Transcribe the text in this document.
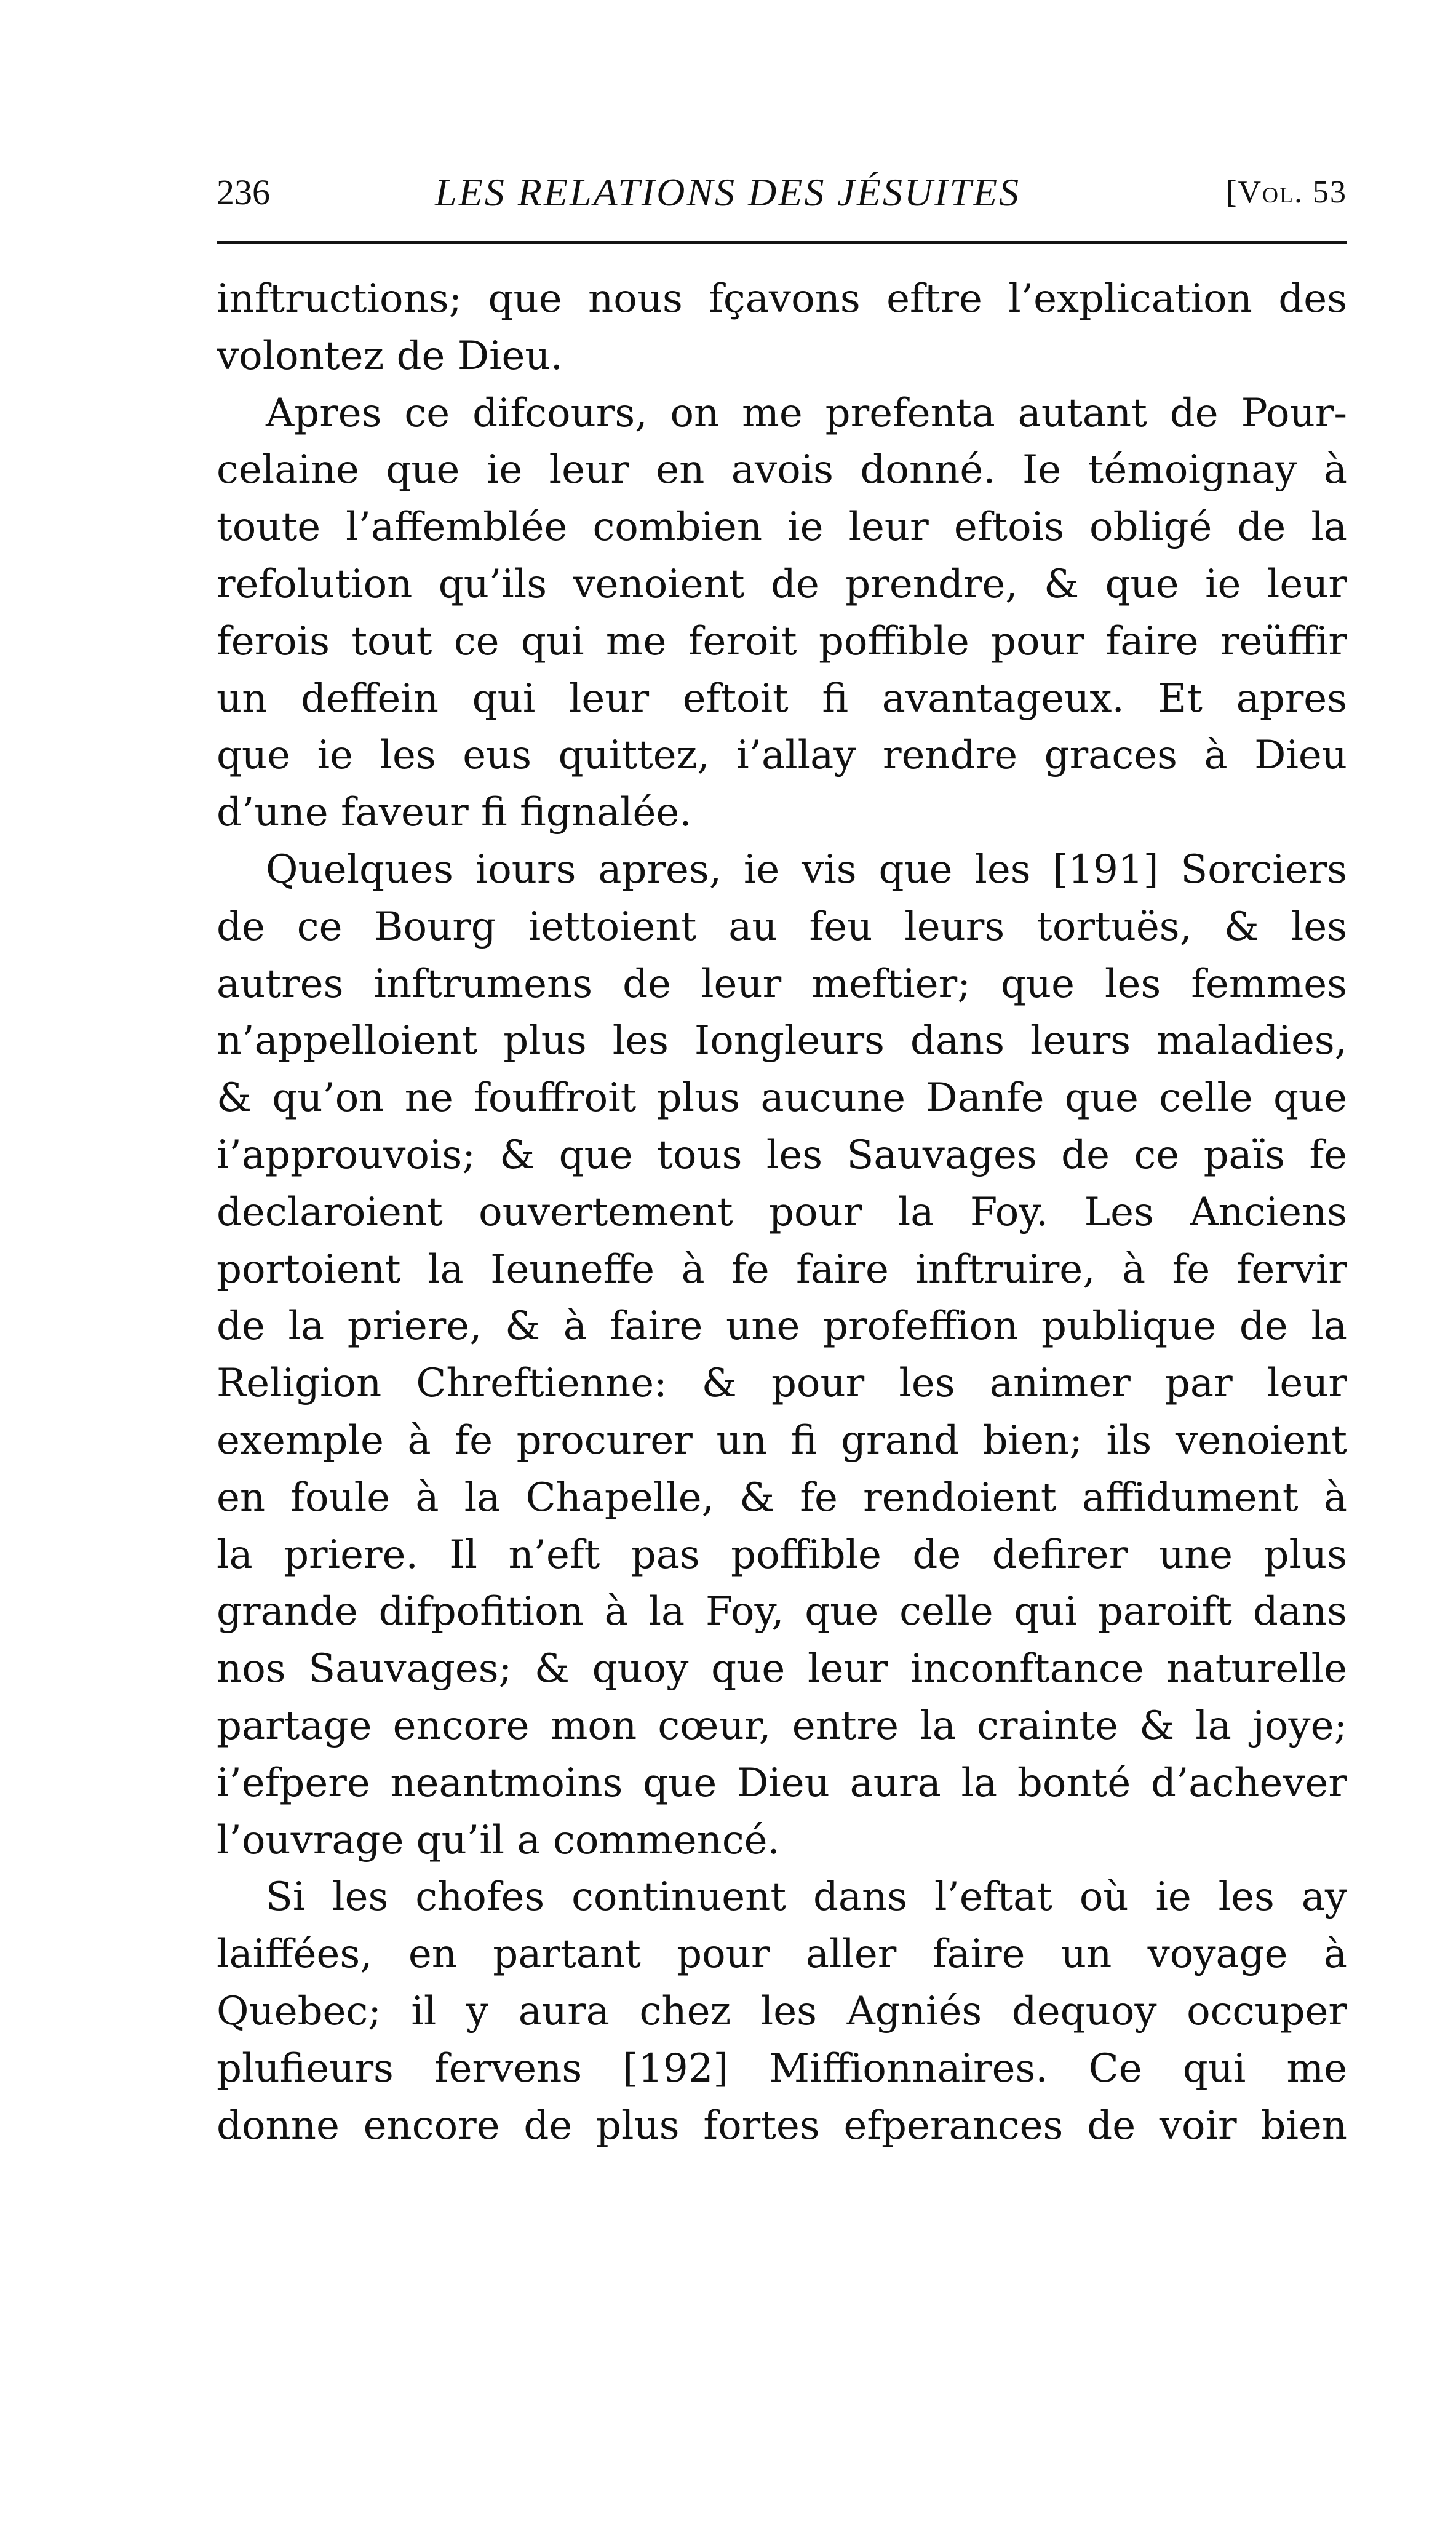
236	LES RELATIONS DES JÉSUITES	[Vol. 53
inftructions; que nous fçavons eftre l’explication des
volontez de Dieu.
Apres ce difcours, on me prefenta autant de Pour-
celaine que ie leur en avois donné. Ie témoignay à
toute l’affemblée combien ie leur eftois obligé de la
refolution qu’ils venoient de prendre, & que ie leur
ferois tout ce qui me feroit poffible pour faire reüffir
un deffein qui leur eftoit fi avantageux. Et apres
que ie les eus quittez, i’allay rendre graces à Dieu
d’une faveur fi fignalée.
Quelques iours apres, ie vis que les [191] Sorciers
de ce Bourg iettoient au feu leurs tortuës, & les
autres inftrumens de leur meftier; que les femmes
n’appelloient plus les Iongleurs dans leurs maladies,
& qu’on ne fouffroit plus aucune Danfe que celle que
i’approuvois; & que tous les Sauvages de ce païs fe
declaroient ouvertement pour la Foy. Les Anciens
portoient la Ieuneffe à fe faire inftruire, à fe fervir
de la priere, & à faire une profeffion publique de la
Religion Chreftienne: & pour les animer par leur
exemple à fe procurer un fi grand bien; ils venoient
en foule à la Chapelle, & fe rendoient affidument à
la priere. Il n’eft pas poffible de defirer une plus
grande difpofition à la Foy, que celle qui paroift dans
nos Sauvages; & quoy que leur inconftance naturelle
partage encore mon cœur, entre la crainte & la joye;
i’efpere neantmoins que Dieu aura la bonté d’achever
l’ouvrage qu’il a commencé.
Si les chofes continuent dans l’eftat où ie les ay
laiffées, en partant pour aller faire un voyage à
Quebec; il y aura chez les Agniés dequoy occuper
plufieurs fervens [192] Miffionnaires. Ce qui me
donne encore de plus fortes efperances de voir bien
